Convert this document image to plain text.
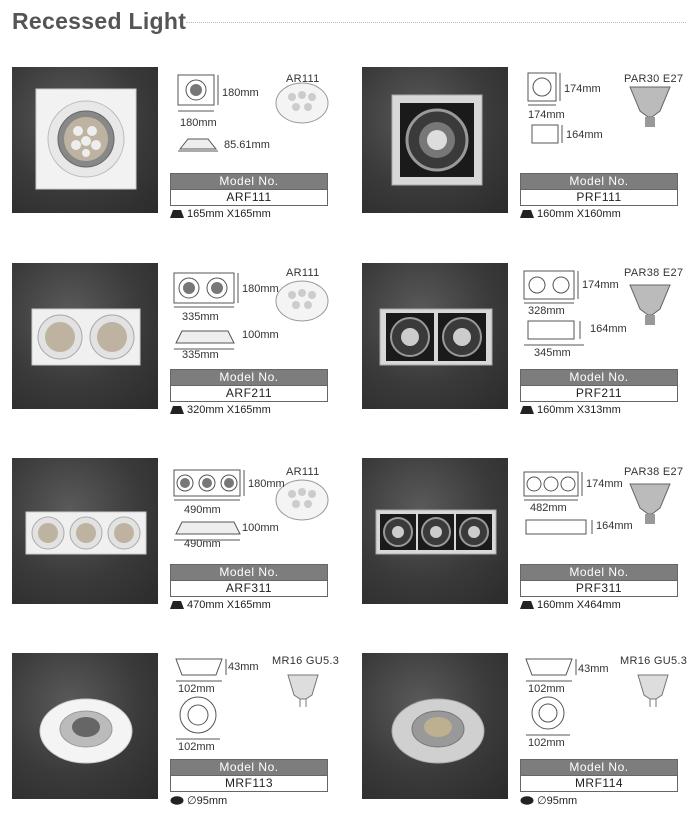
Recessed Light
180mm
180mm
85.61mm
AR111
Model No.
ARF111
165mm X165mm
174mm
174mm
164mm
PAR30 E27
Model No.
PRF111
160mm X160mm
180mm
335mm
100mm
335mm
AR111
Model No.
ARF211
320mm X165mm
174mm
328mm
164mm
345mm
PAR38 E27
Model No.
PRF211
160mm X313mm
180mm
490mm
100mm
490mm
AR111
Model No.
ARF311
470mm X165mm
174mm
482mm
164mm
PAR38 E27
Model No.
PRF311
160mm X464mm
43mm
102mm
102mm
MR16 GU5.3
Model No.
MRF113
∅95mm
43mm
102mm
102mm
MR16 GU5.3
Model No.
MRF114
∅95mm
